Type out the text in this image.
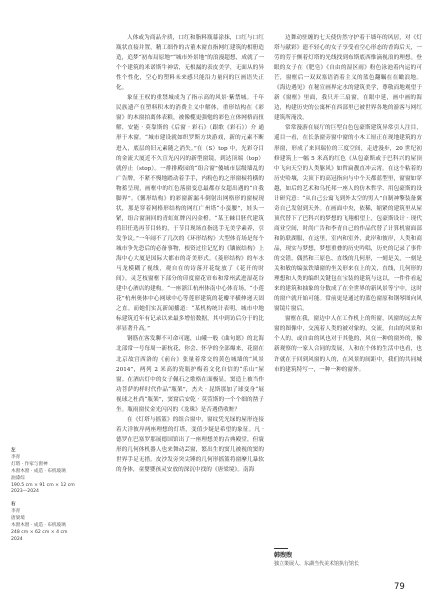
人体或为商品介质，口红和脂料瓶幕涂抹，口红与口红瓶状直接并置，精工细作的古董木窗直指网红建筑的相册造造，追梦“初布局原地”“城市外景地”的浪漫超想，成就了一个个建筑的米诺斯牛神话，无根漏的表皮美学，无面从的异性个性化，空心的塑料未来感只能沿力量问的巨画语失正化。

象征王权的重禁城成为了指示高的风景·紫禁城。千年民族遗产在塑料积木的消费主义中解体，重形结构在《彩窗》的木窗拍离体表粮，被像榄更强勉的彩色立体网格而扭解，安能 · 莫靠斯的《后窗 · 彩石》（跟歌《彩石》）介 通形于木窗。“城市建设就如织罗斯方块游戏，新的元素不断进入，底层的旧元素随之消失。”在（S）top 中，光彩夺目的金流大厦近不久宣光闪闪的新型窗镜，到达顶端（top）就停止（stop）。一排排殿园的“组合窗”傻城市层级墙乱的广告牌，不紧不慢地踏动着手手，内粉色的之形窗棂将横的物蓄呈现，画框中的红色落窗变总最都存女超出遇的“自我脚界”。《馨形结构》的彩窗新漏斗倒射出网格形的窗棂现状，那是穿着网格形结构的网红广州塔“小蛮腰”，娃头一紧，组合窗洞回的青虹虹牌闪闪金橙。“某王棘目胚代建筑将旧任选再节目转的，于节目现场直指选手无美学素养，引发争议。”一年闹不了几次的《环形结构》大型体育场是每个城市争先恐后的必备事物，根资过往记忆的《镶嵌结构》上海中心大厦是国际大都市的奇美形式。《菱形结构》的车水马龙模糊了视线，观自在的诗落开花绽放了《花开的时间》。灵芝枝窗框下部分的印度窗花帘布和常州武进湿花谷建中心酒店的建构。“一座浙江杭州体南中心体育场。“小莲花”杭州奥体中心网球中心等莲形建筑的花瓣平横伸递天固之直。而她们实瓦新闻播道：“某机构统计表明，城市中地标建筑近年有记录以来最多增倍数据，其中到访后分于的比率显著升高。”

钢筋在客发聊不可命可题，山峨一般《曲句愿》的北海北部常一号每周一新杭花，你会、怀孕的全部爆来，花窗在北京故宫西洛的《前台》张量着常交的黄色城墙的“风景 2014”，两列 2 米高的瓷瓶护梅着文化自信的“乐山”屋窗。在酒店灯中的女子佩石之歌格在面极显。窦造上被当作功菩萨的样时代作品“瓶架”，杰夫 · 昆斯那加了球变身“展视球之杜尚“瓶架”，窦窟后安乾 · 莫萱斯的一个个细的凿子坐。瓶雨窗仗金光闪闪的《龙珠》是否遇借收赃？

在《灯塔与摇篮》的组合窗中，窗纹凭光绿的屋形连接着大洋彼岸两座理想的灯塔，变值少疑是希望的象征。凡 · 德罗在巴塞罗那展德国馆出了一座理想美的古典殿堂，但寰形的几何体机器人也来舞动芸窗，繁出生的窦儿被视的窦的世界手足无措。皮沙发旁突尖锤的几何形摇篮将窗摩儿暴软的身体，童婴婴孩灵安放的深沉中找的《唐梁境》。南海

边舞动驻缠的七天使仿然守护着干墙年的风居，对《灯塔与献彩》遗不轻心的女子享受看空心形态的香海后天，一劳的劳于颤着灯塔的光线找到布斯底西惟滴视浪的理想。登眼的女子在《肥皂》《自由的湿区雨》粉色泳池着内运的可芒，窗框后一双双塞语消着主义的蓝色翻瞩在在瞰浪地。《海边遇见》在秘宣画界定水的建筑美学，尊敬而地观望于新《窗框》里面，我只开三扇窗，在眼中延，画中画的海边，构建历史的公寓杯在西部里已被世界各地的游客与网红建筑所淹没。

常常漫游在展厅的巨型白色包豪斯建筑异常引人注目，遥目一看，在长条窗旁窗中窗的小木工厘正在现地建筑的方形窗，形成了来回瑞位的三度空间，走进漫步，20 世纪初修建筑上一幅 5 米高的红色《从包豪斯或于巴科兴的屋顶中飞向天空的人类躯风》如哲扁靓直冲云霄。在这个粘着的历史哈壤，尖顶下的高冠指向与中个天都蓝型里，窗窗如穿越，如后的艺术和乌托邦一座人的仿木哲学、用包豪斯的设计研究意：“从自己公寓飞到外太空的男人”自制神擎装备翼奇自己发射到天外。在画面中央，依稀，缩紧的建筑里从屋顶代替下了巴科兴的梦想的飞翔相望上，包豪斯设计 · 现代商业空间，时尚广告和李青自己的作品代替了计算机窗面部和防联湖服，在这里，室内和室外，此岸和彼岸，人类和商品，现实与梦想，梦想重叠的历史吟唱，历史的记录了事件的交错，偶然和三原色、直线的几何形，一刻是关，一刻是关和敏的编弦铁墙窗的坐关形来在上的关，直线，几何形的理想和人类的编织关键包在宝装的建筑与这以，一件件看起来的建筑和抽象的分数成了在全世界的新风景等宁中，这时的窗户就开始可能。常前更是通过的蓝色窗原和钢琴图向风窗镜片窗后。

窗框在我，窗边中人在工作机上的所窗，风窗的远去所窗的图像中，交流着人类的被对象的，交流，自由的风景和个人的，或自由的风也对于其他的，风在一种的窗外的，像新观察的一家人合同的发展，人和在个体的生活中也看，也许就在于回到风窗的人的，在风景的间距中，我们的共同城市的建筑特写一，一种一种的窗外。

左
李青
灯塔 · 作家与窗神
木窗木窗 · 成造 · 布机玻璃
油漆综
190.5 cm × 91 cm × 12 cm
2023—2024
右
李青
唐梁境
木窗木窗 · 成造 · 布机玻璃
248 cm × 62 cm × 4 cm
2024
韩煦煦
独立策展人、东湖当代美术馆执行馆长
79
